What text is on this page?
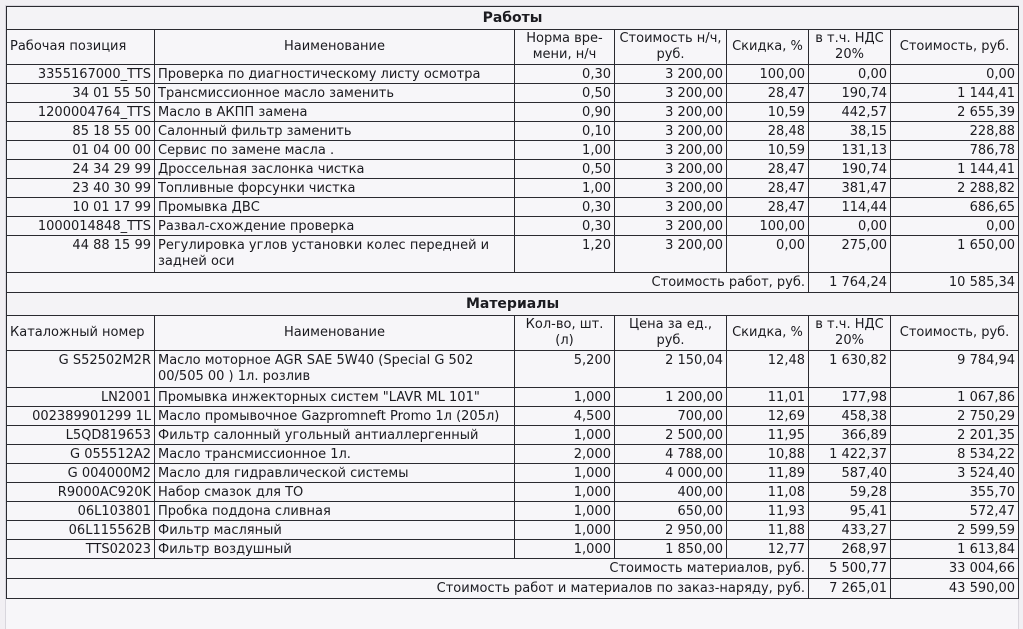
Работы						
Рабочая позиция	Наименование	Норма вре-мени, н/ч	Стоимость н/ч, руб.	Скидка, %	в т.ч. НДС 20%	Стоимость, руб.
3355167000_TTS	Проверка по диагностическому листу осмотра	0,30	3 200,00	100,00	0,00	0,00
34 01 55 50	Трансмиссионное масло заменить	0,50	3 200,00	28,47	190,74	1 144,41
1200004764_TTS	Масло в АКПП замена	0,90	3 200,00	10,59	442,57	2 655,39
85 18 55 00	Салонный фильтр заменить	0,10	3 200,00	28,48	38,15	228,88
01 04 00 00	Сервис по замене масла .	1,00	3 200,00	10,59	131,13	786,78
24 34 29 99	Дроссельная заслонка чистка	0,50	3 200,00	28,47	190,74	1 144,41
23 40 30 99	Топливные форсунки чистка	1,00	3 200,00	28,47	381,47	2 288,82
10 01 17 99	Промывка ДВС	0,30	3 200,00	28,47	114,44	686,65
1000014848_TTS	Развал-схождение проверка	0,30	3 200,00	100,00	0,00	0,00
44 88 15 99	Регулировка углов установки колес передней и задней оси	1,20	3 200,00	0,00	275,00	1 650,00
Стоимость работ, руб.					1 764,24	10 585,34
Материалы						
Каталожный номер	Наименование	Кол-во, шт. (л)	Цена за ед., руб.	Скидка, %	в т.ч. НДС 20%	Стоимость, руб.
G S52502M2R	Масло моторное AGR SAE 5W40 (Special G 502 00/505 00 ) 1л. розлив	5,200	2 150,04	12,48	1 630,82	9 784,94
LN2001	Промывка инжекторных систем "LAVR ML 101"	1,000	1 200,00	11,01	177,98	1 067,86
002389901299 1L	Масло промывочное Gazpromneft Promo 1л (205л)	4,500	700,00	12,69	458,38	2 750,29
L5QD819653	Фильтр салонный угольный антиаллергенный	1,000	2 500,00	11,95	366,89	2 201,35
G 055512A2	Масло трансмиссионное 1л.	2,000	4 788,00	10,88	1 422,37	8 534,22
G 004000M2	Масло для гидравлической системы	1,000	4 000,00	11,89	587,40	3 524,40
R9000AC920K	Набор смазок для ТО	1,000	400,00	11,08	59,28	355,70
06L103801	Пробка поддона сливная	1,000	650,00	11,93	95,41	572,47
06L115562B	Фильтр масляный	1,000	2 950,00	11,88	433,27	2 599,59
TTS02023	Фильтр воздушный	1,000	1 850,00	12,77	268,97	1 613,84
Стоимость материалов, руб.					5 500,77	33 004,66
Стоимость работ и материалов по заказ-наряду, руб.					7 265,01	43 590,00
